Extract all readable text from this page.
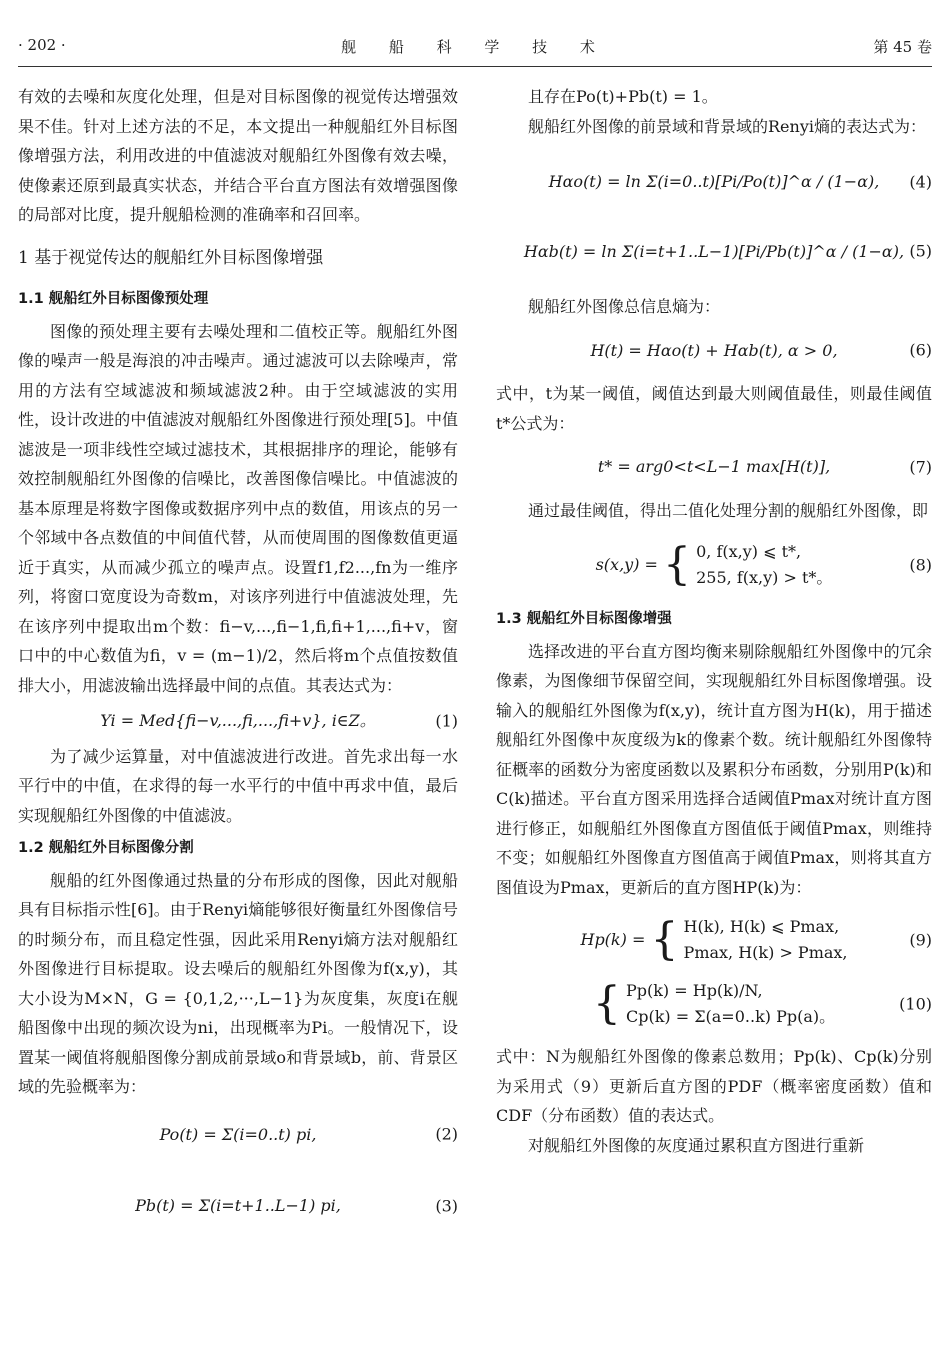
· 202 ·	舰 船 科 学 技 术	第 45 卷

有效的去噪和灰度化处理，但是对目标图像的视觉传达增强效果不佳。针对上述方法的不足，本文提出一种舰船红外目标图像增强方法，利用改进的中值滤波对舰船红外图像有效去噪，使像素还原到最真实状态，并结合平台直方图法有效增强图像的局部对比度，提升舰船检测的准确率和召回率。

1 基于视觉传达的舰船红外目标图像增强
1.1 舰船红外目标图像预处理

图像的预处理主要有去噪处理和二值校正等。舰船红外图像的噪声一般是海浪的冲击噪声。通过滤波可以去除噪声，常用的方法有空域滤波和频域滤波2种。由于空域滤波的实用性，设计改进的中值滤波对舰船红外图像进行预处理[5]。中值滤波是一项非线性空域过滤技术，其根据排序的理论，能够有效控制舰船红外图像的信噪比，改善图像信噪比。中值滤波的基本原理是将数字图像或数据序列中点的数值，用该点的另一个邻域中各点数值的中间值代替，从而使周围的图像数值更逼近于真实，从而减少孤立的噪声点。设置f1,f2...,fn为一维序列，将窗口宽度设为奇数m，对该序列进行中值滤波处理，先在该序列中提取出m个数：fi−v,...,fi−1,fi,fi+1,...,fi+v，窗口中的中心数值为fi，v = (m−1)/2，然后将m个点值按数值排大小，用滤波输出选择最中间的点值。其表达式为：

Yi = Med{fi−v,...,fi,...,fi+v}, i∈Z。	(1)

为了减少运算量，对中值滤波进行改进。首先求出每一水平行中的中值，在求得的每一水平行的中值中再求中值，最后实现舰船红外图像的中值滤波。

1.2 舰船红外目标图像分割

舰船的红外图像通过热量的分布形成的图像，因此对舰船具有目标指示性[6]。由于Renyi熵能够很好衡量红外图像信号的时频分布，而且稳定性强，因此采用Renyi熵方法对舰船红外图像进行目标提取。设去噪后的舰船红外图像为f(x,y)，其大小设为M×N，G = {0,1,2,···,L−1}为灰度集，灰度i在舰船图像中出现的频次设为ni，出现概率为Pi。一般情况下，设置某一阈值将舰船图像分割成前景域o和背景域b，前、背景区域的先验概率为：

Po(t) = Σ(i=0..t) pi,	(2)
Pb(t) = Σ(i=t+1..L−1) pi,	(3)

且存在Po(t)+Pb(t) = 1。

舰船红外图像的前景域和背景域的Renyi熵的表达式为：

Hαo(t) = ln Σ(i=0..t)[Pi/Po(t)]^α / (1−α), (4)
Hαb(t) = ln Σ(i=t+1..L−1)[Pi/Pb(t)]^α / (1−α), (5)

舰船红外图像总信息熵为：

H(t) = Hαo(t) + Hαb(t), α > 0,	(6)

式中，t为某一阈值，阈值达到最大则阈值最佳，则最佳阈值t*公式为：

t* = arg0<t<L−1 max[H(t)],	(7)

通过最佳阈值，得出二值化处理分割的舰船红外图像，即

s(x,y) = { 0, f(x,y) ⩽ t*,
255, f(x,y) > t*。
(8)
1.3 舰船红外目标图像增强

选择改进的平台直方图均衡来剔除舰船红外图像中的冗余像素，为图像细节保留空间，实现舰船红外目标图像增强。设输入的舰船红外图像为f(x,y)，统计直方图为H(k)，用于描述舰船红外图像中灰度级为k的像素个数。统计舰船红外图像特征概率的函数分为密度函数以及累积分布函数，分别用P(k)和C(k)描述。平台直方图采用选择合适阈值Pmax对统计直方图进行修正，如舰船红外图像直方图值低于阈值Pmax，则维持不变；如舰船红外图像直方图值高于阈值Pmax，则将其直方图值设为Pmax，更新后的直方图HP(k)为：

Hp(k) = { H(k), H(k) ⩽ Pmax,
Pmax, H(k) > Pmax,
(9)
{ Pp(k) = Hp(k)/N,
Cp(k) = Σ(a=0..k) Pp(a)。
(10)

式中：N为舰船红外图像的像素总数用；Pp(k)、Cp(k)分别为采用式（9）更新后直方图的PDF（概率密度函数）值和CDF（分布函数）值的表达式。

对舰船红外图像的灰度通过累积直方图进行重新
